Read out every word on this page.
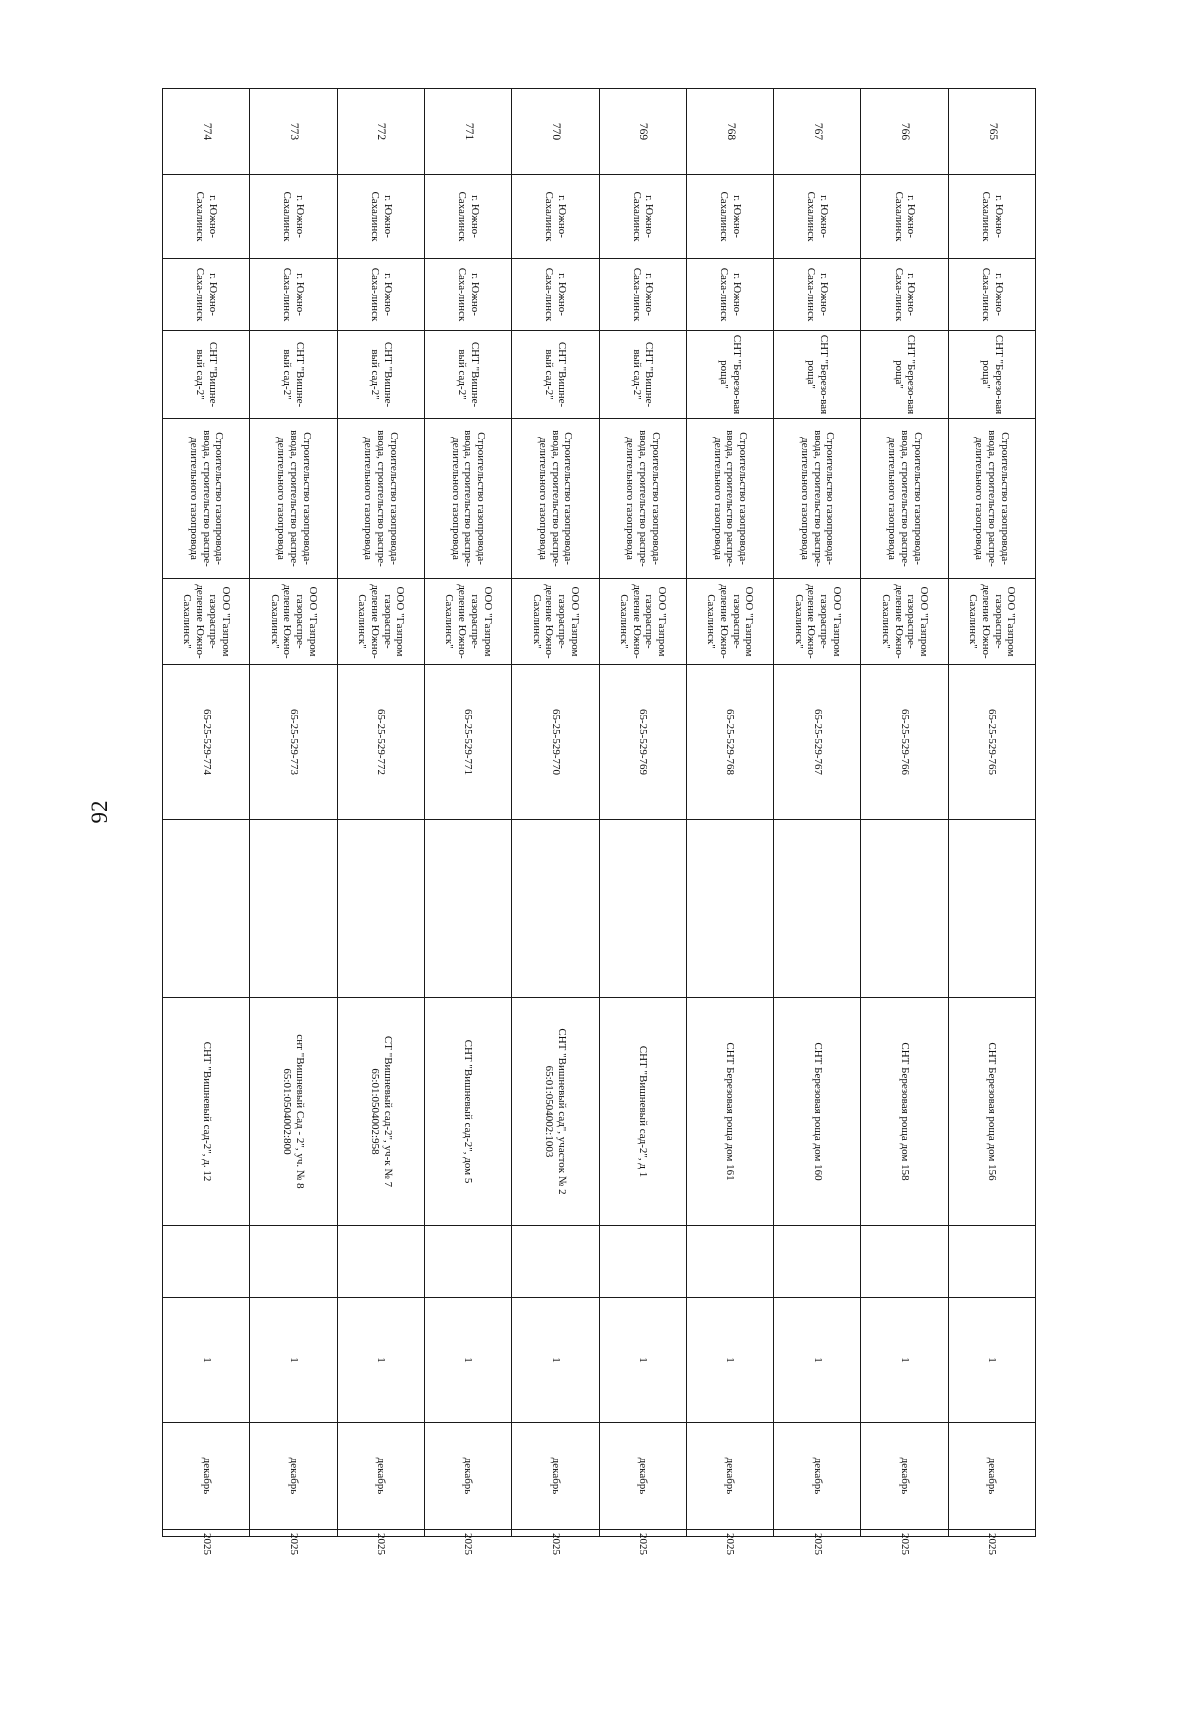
92
765	г. Южно-Сахалинск	г. Южно-Саха-линск	СНТ "Березо-вая роща"	Строительство газопровода-ввода, строительство распре-делительного газопровода	ООО "Газпром газораспре-деление Южно-Сахалинск"	65-25-529-765		СНТ Березовая роща дом 156		1	декабрь	2025
766	г. Южно-Сахалинск	г. Южно-Саха-линск	СНТ "Березо-вая роща"	Строительство газопровода-ввода, строительство распре-делительного газопровода	ООО "Газпром газораспре-деление Южно-Сахалинск"	65-25-529-766		СНТ Березовая роща дом 158		1	декабрь	2025
767	г. Южно-Сахалинск	г. Южно-Саха-линск	СНТ "Березо-вая роща"	Строительство газопровода-ввода, строительство распре-делительного газопровода	ООО "Газпром газораспре-деление Южно-Сахалинск"	65-25-529-767		СНТ Березовая роща дом 160		1	декабрь	2025
768	г. Южно-Сахалинск	г. Южно-Саха-линск	СНТ "Березо-вая роща"	Строительство газопровода-ввода, строительство распре-делительного газопровода	ООО "Газпром газораспре-деление Южно-Сахалинск"	65-25-529-768		СНТ Березовая роща дом 161		1	декабрь	2025
769	г. Южно-Сахалинск	г. Южно-Саха-линск	СНТ "Вишне-вый сад-2"	Строительство газопровода-ввода, строительство распре-делительного газопровода	ООО "Газпром газораспре-деление Южно-Сахалинск"	65-25-529-769		СНТ "Вишневый сад-2", д 1		1	декабрь	2025
770	г. Южно-Сахалинск	г. Южно-Саха-линск	СНТ "Вишне-вый сад-2"	Строительство газопровода-ввода, строительство распре-делительного газопровода	ООО "Газпром газораспре-деление Южно-Сахалинск"	65-25-529-770		СНТ "Вишневый сад", участок № 2 65:01:0504002:1003		1	декабрь	2025
771	г. Южно-Сахалинск	г. Южно-Саха-линск	СНТ "Вишне-вый сад-2"	Строительство газопровода-ввода, строительство распре-делительного газопровода	ООО "Газпром газораспре-деление Южно-Сахалинск"	65-25-529-771		СНТ "Вишневый сад-2", дом 5		1	декабрь	2025
772	г. Южно-Сахалинск	г. Южно-Саха-линск	СНТ "Вишне-вый сад-2"	Строительство газопровода-ввода, строительство распре-делительного газопровода	ООО "Газпром газораспре-деление Южно-Сахалинск"	65-25-529-772		СТ "Вишневый сад-2", уч-к № 7 65:01:0504002:958		1	декабрь	2025
773	г. Южно-Сахалинск	г. Южно-Саха-линск	СНТ "Вишне-вый сад-2"	Строительство газопровода-ввода, строительство распре-делительного газопровода	ООО "Газпром газораспре-деление Южно-Сахалинск"	65-25-529-773		снт "Вишневый Сад - 2", уч. № 8 65:01:0504002:800		1	декабрь	2025
774	г. Южно-Сахалинск	г. Южно-Саха-линск	СНТ "Вишне-вый сад-2"	Строительство газопровода-ввода, строительство распре-делительного газопровода	ООО "Газпром газораспре-деление Южно-Сахалинск"	65-25-529-774		СНТ "Вишневый сад-2", д. 12		1	декабрь	2025
